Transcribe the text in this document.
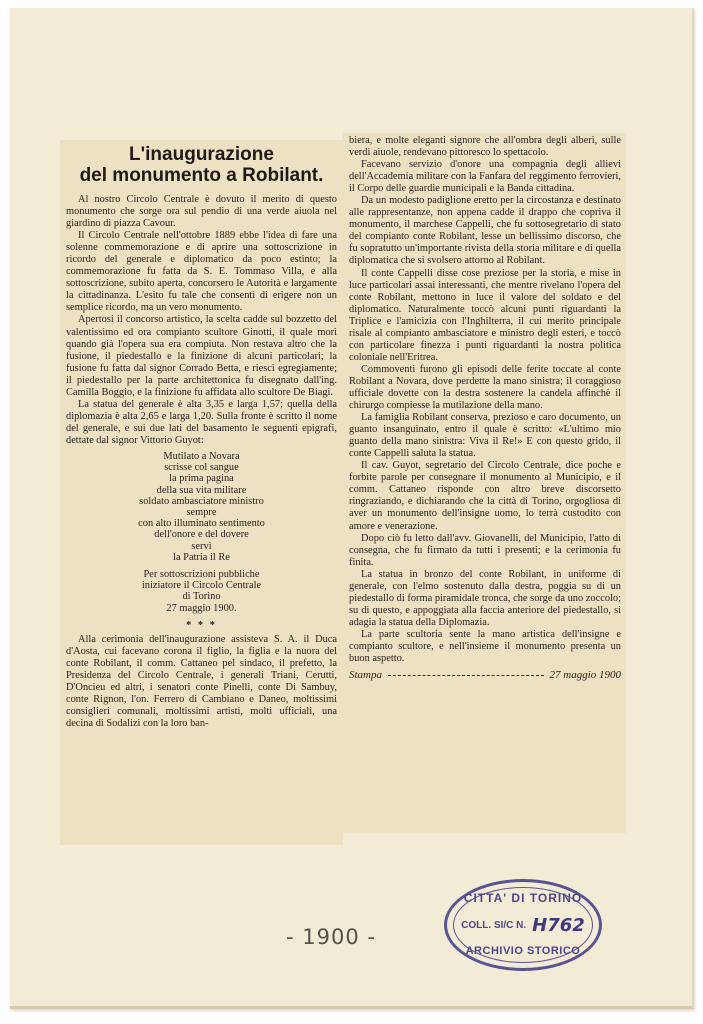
L'inaugurazione
del monumento a Robilant.

Al nostro Circolo Centrale è dovuto il merito di questo monumento che sorge ora sul pendio di una verde aiuola nel giardino di piazza Cavour.

Il Circolo Centrale nell'ottobre 1889 ebbe l'idea di fare una solenne commemorazione e di aprire una sottoscrizione in ricordo del generale e diplomatico da poco estinto; la commemorazione fu fatta da S. E. Tommaso Villa, e alla sottoscrizione, subito aperta, concorsero le Autorità e largamente la cittadinanza. L'esito fu tale che consentì di erigere non un semplice ricordo, ma un vero monumento.

Apertosi il concorso artistico, la scelta cadde sul bozzetto del valentissimo ed ora compianto scultore Ginotti, il quale morì quando già l'opera sua era compiuta. Non restava altro che la fusione, il piedestallo e la finizione di alcuni particolari; la fusione fu fatta dal signor Corrado Betta, e riescì egregiamente; il piedestallo per la parte architettonica fu disegnato dall'ing. Camilla Boggio, e la finizione fu affidata allo scultore De Biagi.

La statua del generale è alta 3,35 e larga 1,57; quella della diplomazia è alta 2,65 e larga 1,20. Sulla fronte è scritto il nome del generale, e sui due lati del basamento le seguenti epigrafi, dettate dal signor Vittorio Guyot:

Mutilato a Novara
scrisse col sangue
la prima pagina
della sua vita militare
soldato ambasciatore ministro
sempre
con alto illuminato sentimento
dell'onore e del dovere
servì
la Patria il Re
Per sottoscrizioni pubbliche
iniziatore il Circolo Centrale
di Torino
27 maggio 1900.
* * *

Alla cerimonia dell'inaugurazione assisteva S. A. il Duca d'Aosta, cui facevano corona il figlio, la figlia e la nuora del conte Robilant, il comm. Cattaneo pel sindaco, il prefetto, la Presidenza del Circolo Centrale, i generali Triani, Cerutti, D'Oncieu ed altri, i senatori conte Pinelli, conte Di Sambuy, conte Rignon, l'on. Ferrero di Cambiano e Daneo, moltissimi consiglieri comunali, moltissimi artisti, molti ufficiali, una decina di Sodalizi con la loro ban-

biera, e molte eleganti signore che all'ombra degli alberi, sulle verdi aiuole, rendevano pittoresco lo spettacolo.

Facevano servizio d'onore una compagnia degli allievi dell'Accademia militare con la Fanfara del reggimento ferrovieri, il Corpo delle guardie municipali e la Banda cittadina.

Da un modesto padiglione eretto per la circostanza e destinato alle rappresentanze, non appena cadde il drappo che copriva il monumento, il marchese Cappelli, che fu sottosegretario di stato del compianto conte Robilant, lesse un bellissimo discorso, che fu sopratutto un'importante rivista della storia militare e di quella diplomatica che si svolsero attorno al Robilant.

Il conte Cappelli disse cose preziose per la storia, e mise in luce particolari assai interessanti, che mentre rivelano l'opera del conte Robilant, mettono in luce il valore del soldato e del diplomatico. Naturalmente toccò alcuni punti riguardanti la Triplice e l'amicizia con l'Inghilterra, il cui merito principale risale al compianto ambasciatore e ministro degli esteri, e toccò con particolare finezza i punti riguardanti la nostra politica coloniale nell'Eritrea.

Commoventi furono gli episodi delle ferite toccate al conte Robilant a Novara, dove perdette la mano sinistra; il coraggioso ufficiale dovette con la destra sostenere la candela affinchè il chirurgo compiesse la mutilazione della mano.

La famiglia Robilant conserva, prezioso e caro documento, un guanto insanguinato, entro il quale è scritto: «L'ultimo mio guanto della mano sinistra: Viva il Re!» E con questo grido, il conte Cappelli saluta la statua.

Il cav. Guyot, segretario del Circolo Centrale, dice poche e forbite parole per consegnare il monumento al Municipio, e il comm. Cattaneo risponde con altro breve discorsetto ringraziando, e dichiarando che la città di Torino, orgogliosa di aver un monumento dell'insigne uomo, lo terrà custodito con amore e venerazione.

Dopo ciò fu letto dall'avv. Giovanelli, del Municipio, l'atto di consegna, che fu firmato da tutti i presenti; e la cerimonia fu finita.

La statua in bronzo del conte Robilant, in uniforme di generale, con l'elmo sostenuto dalla destra, poggia su di un piedestallo di forma piramidale tronca, che sorge da uno zoccolo; su di questo, e appoggiata alla faccia anteriore del piedestallo, si adagia la statua della Diplomazia.

La parte scultoria sente la mano artistica dell'insigne e compianto scultore, e nell'insieme il monumento presenta un buon aspetto.

Stampa	27 maggio 1900
- 1900 -
CITTA' DI TORINO
COLL. SI/C N. H762
ARCHIVIO STORICO
